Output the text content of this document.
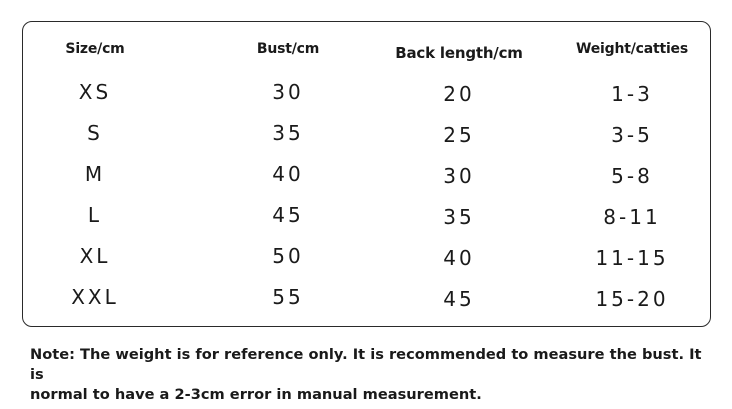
Size/cm	Bust/cm	Back length/cm	Weight/catties
XS	30	20	1-3
S	35	25	3-5
M	40	30	5-8
L	45	35	8-11
XL	50	40	11-15
XXL	55	45	15-20
Note: The weight is for reference only. It is recommended to measure the bust. It is
normal to have a 2-3cm error in manual measurement.
